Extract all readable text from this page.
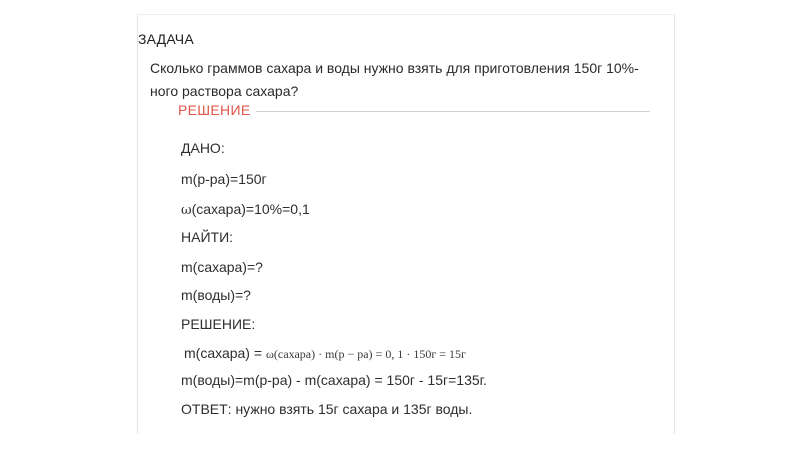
ЗАДАЧА
Сколько граммов сахара и воды нужно взять для приготовления 150г 10%-ного раствора сахара?
РЕШЕНИЕ
ДАНО:
m(р-ра)=150г
ω(сахара)=10%=0,1
НАЙТИ:
m(сахара)=?
m(воды)=?
РЕШЕНИЕ:
m(сахара) = ω(сахара) · m(p − pa) = 0, 1 · 150г = 15г
m(воды)=m(р-ра) - m(сахара) = 150г - 15г=135г.
ОТВЕТ: нужно взять 15г сахара и 135г воды.
